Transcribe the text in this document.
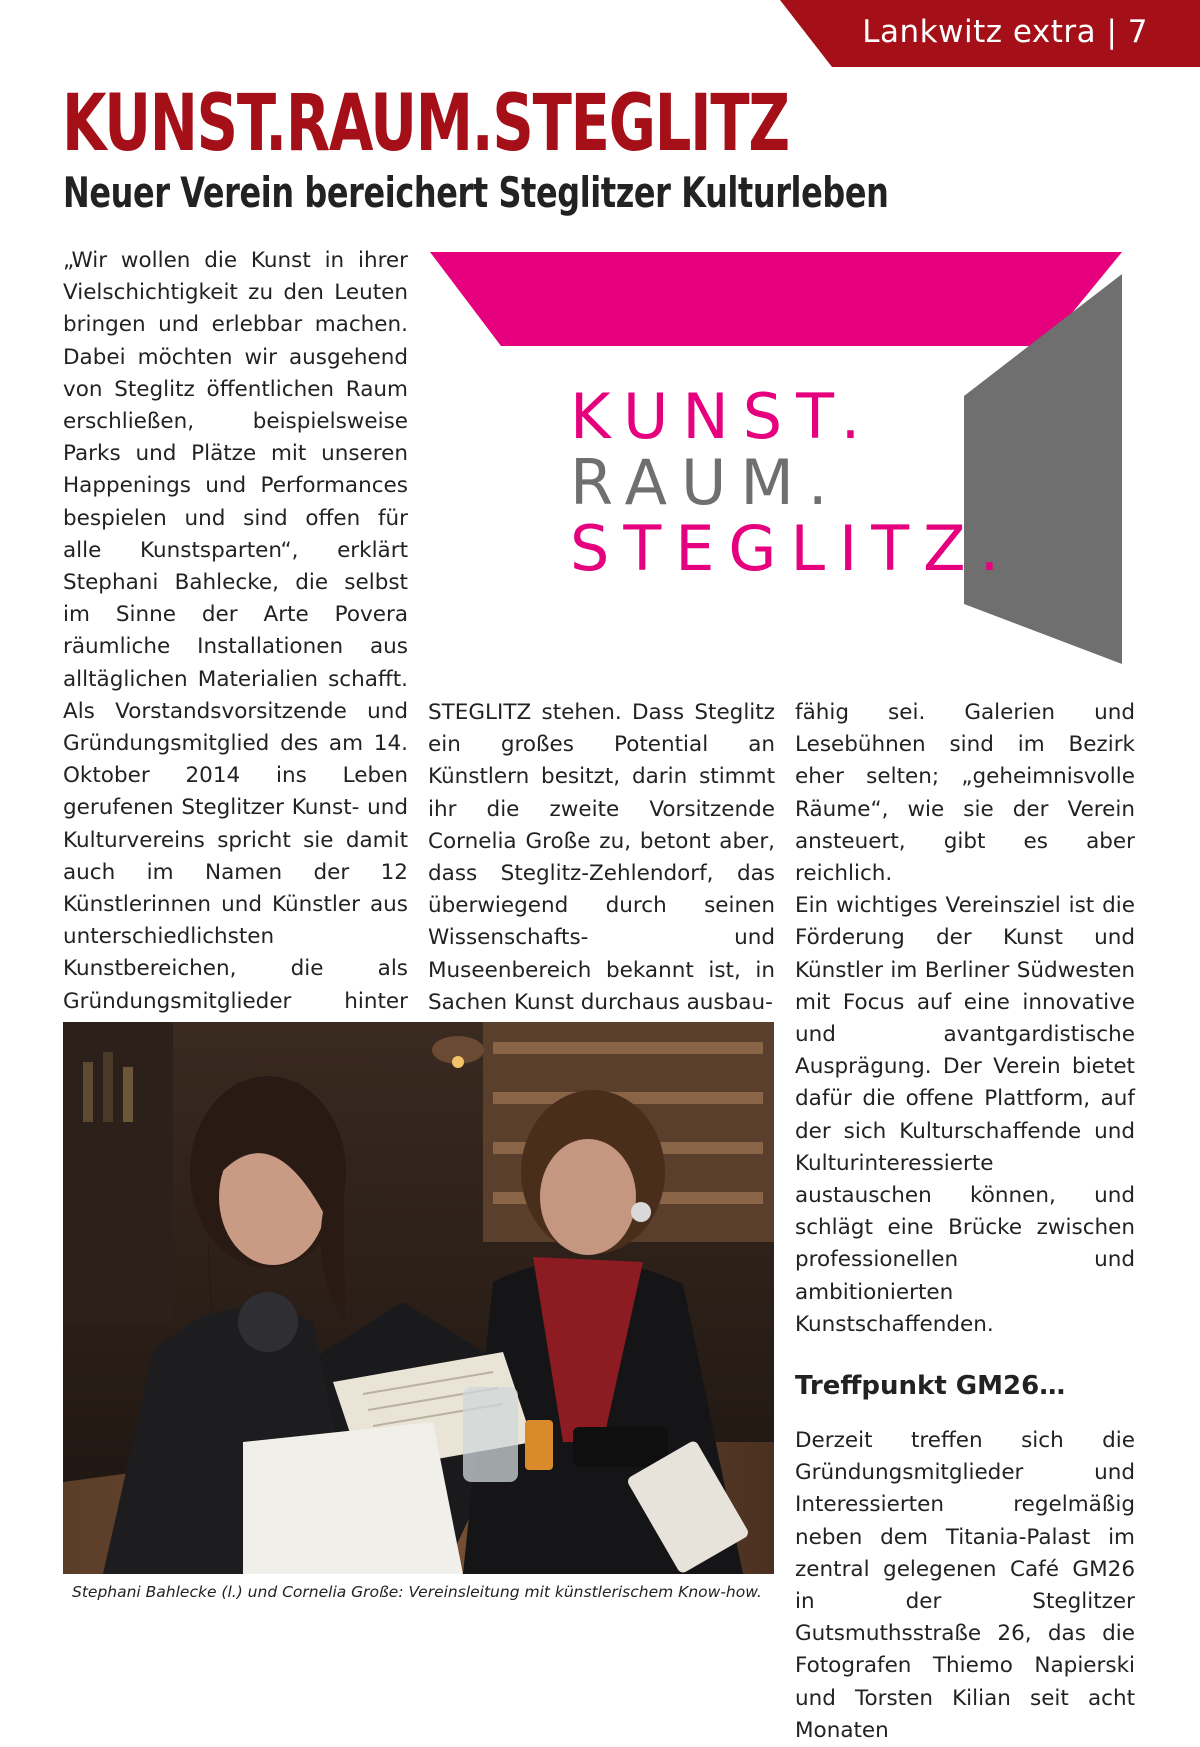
Lankwitz extra | 7
KUNST.RAUM.STEGLITZ
Neuer Verein bereichert Steglitzer Kulturleben

„Wir wollen die Kunst in ihrer Vielschichtigkeit zu den Leuten bringen und erlebbar machen. Dabei möchten wir ausgehend von Steglitz öffentlichen Raum erschließen, beispielsweise Parks und Plätze mit unseren Happenings und Performances bespielen und sind offen für alle Kunstsparten“, erklärt Stephani Bahlecke, die selbst im Sinne der Arte Povera räumliche Installationen aus alltäglichen Materialien schafft. Als Vorstandsvorsitzende und Gründungsmitglied des am 14. Oktober 2014 ins Leben gerufenen Steglitzer Kunst- und Kulturvereins spricht sie damit auch im Namen der 12 Künstlerinnen und Künstler aus unterschiedlichsten Kunstbereichen, die als Gründungsmitglieder hinter

KUNST.
RAUM.
STEGLITZ.

STEGLITZ stehen. Dass Steglitz ein großes Potential an Künstlern besitzt, darin stimmt ihr die zweite Vorsitzende Cornelia Große zu, betont aber, dass Steglitz-Zehlendorf, das überwiegend durch seinen Wissenschafts- und Museenbereich bekannt ist, in Sachen Kunst durchaus ausbau-

fähig sei. Galerien und Lesebühnen sind im Bezirk eher selten; „geheimnisvolle Räume“, wie sie der Verein ansteuert, gibt es aber reichlich.

Ein wichtiges Vereinsziel ist die Förderung der Kunst und Künstler im Berliner Südwesten mit Focus auf eine innovative und avantgardistische Ausprägung. Der Verein bietet dafür die offene Plattform, auf der sich Kulturschaffende und Kulturinteressierte austauschen können, und schlägt eine Brücke zwischen professionellen und ambitionierten Kunstschaffenden.

Treffpunkt GM26…

Derzeit treffen sich die Gründungsmitglieder und Interessierten regelmäßig neben dem Titania-Palast im zentral gelegenen Café GM26 in der Steglitzer Gutsmuthsstraße 26, das die Fotografen Thiemo Napierski und Torsten Kilian seit acht Monaten

Stephani Bahlecke (l.) und Cornelia Große: Vereinsleitung mit künstlerischem Know-how.
